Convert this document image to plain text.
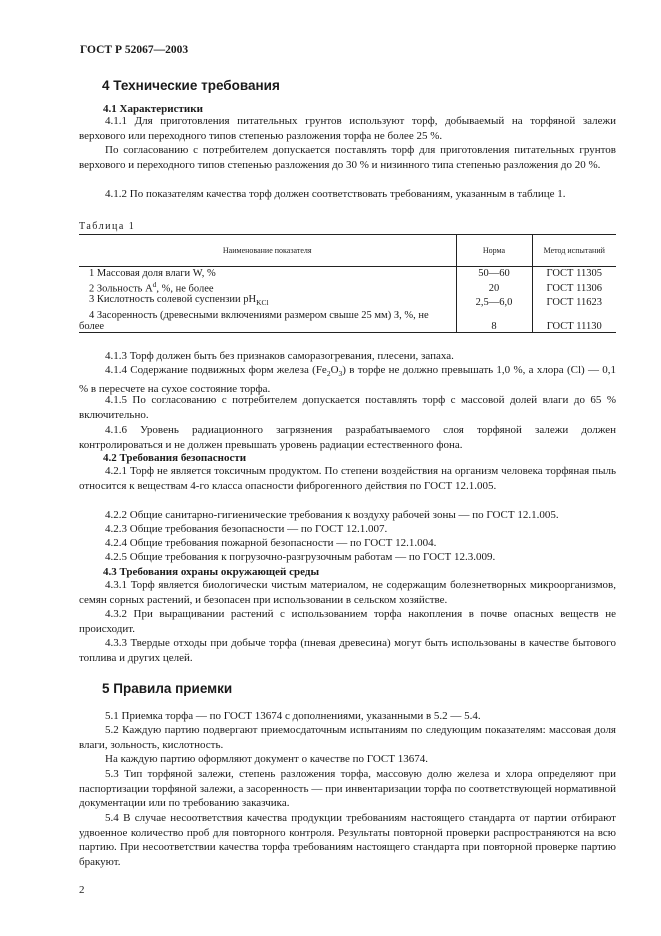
ГОСТ Р 52067—2003
4 Технические требования
4.1 Характеристики
4.1.1 Для приготовления питательных грунтов используют торф, добываемый на торфяной залежи верхового или переходного типов степенью разложения торфа не более 25 %.
По согласованию с потребителем допускается поставлять торф для приготовления питательных грунтов верхового и переходного типов степенью разложения до 30 % и низинного типа степенью разложения до 20 %.
4.1.2 По показателям качества торф должен соответствовать требованиям, указанным в таблице 1.
Таблица 1
Наименование показателя	Норма	Метод испытаний
1 Массовая доля влаги W, %	50—60	ГОСТ 11305
2 Зольность $A^d$, %, не более	20	ГОСТ 11306
3 Кислотность солевой суспензии $pH_{KCl}$	2,5—6,0	ГОСТ 11623
4 Засоренность (древесными включениями размером свыше 25 мм) З, %, не более	8	ГОСТ 11130
4.1.3 Торф должен быть без признаков саморазогревания, плесени, запаха.
4.1.4 Содержание подвижных форм железа $(Fe_2O_3)$ в торфе не должно превышать 1,0 %, а хлора (Cl) — 0,1 % в пересчете на сухое состояние торфа.
4.1.5 По согласованию с потребителем допускается поставлять торф с массовой долей влаги до 65 % включительно.
4.1.6 Уровень радиационного загрязнения разрабатываемого слоя торфяной залежи должен контролироваться и не должен превышать уровень радиации естественного фона.
4.2 Требования безопасности
4.2.1 Торф не является токсичным продуктом. По степени воздействия на организм человека торфяная пыль относится к веществам 4-го класса опасности фиброгенного действия по ГОСТ 12.1.005.
4.2.2 Общие санитарно-гигиенические требования к воздуху рабочей зоны — по ГОСТ 12.1.005.
4.2.3 Общие требования безопасности — по ГОСТ 12.1.007.
4.2.4 Общие требования пожарной безопасности — по ГОСТ 12.1.004.
4.2.5 Общие требования к погрузочно-разгрузочным работам — по ГОСТ 12.3.009.
4.3 Требования охраны окружающей среды
4.3.1 Торф является биологически чистым материалом, не содержащим болезнетворных микроорганизмов, семян сорных растений, и безопасен при использовании в сельском хозяйстве.
4.3.2 При выращивании растений с использованием торфа накопления в почве опасных веществ не происходит.
4.3.3 Твердые отходы при добыче торфа (пневая древесина) могут быть использованы в качестве бытового топлива и других целей.
5 Правила приемки
5.1 Приемка торфа — по ГОСТ 13674 с дополнениями, указанными в 5.2 — 5.4.
5.2 Каждую партию подвергают приемосдаточным испытаниям по следующим показателям: массовая доля влаги, зольность, кислотность.
На каждую партию оформляют документ о качестве по ГОСТ 13674.
5.3 Тип торфяной залежи, степень разложения торфа, массовую долю железа и хлора определяют при паспортизации торфяной залежи, а засоренность — при инвентаризации торфа по соответствующей нормативной документации или по требованию заказчика.
5.4 В случае несоответствия качества продукции требованиям настоящего стандарта от партии отбирают удвоенное количество проб для повторного контроля. Результаты повторной проверки распространяются на всю партию. При несоответствии качества торфа требованиям настоящего стандарта при повторной проверке партию бракуют.
2
